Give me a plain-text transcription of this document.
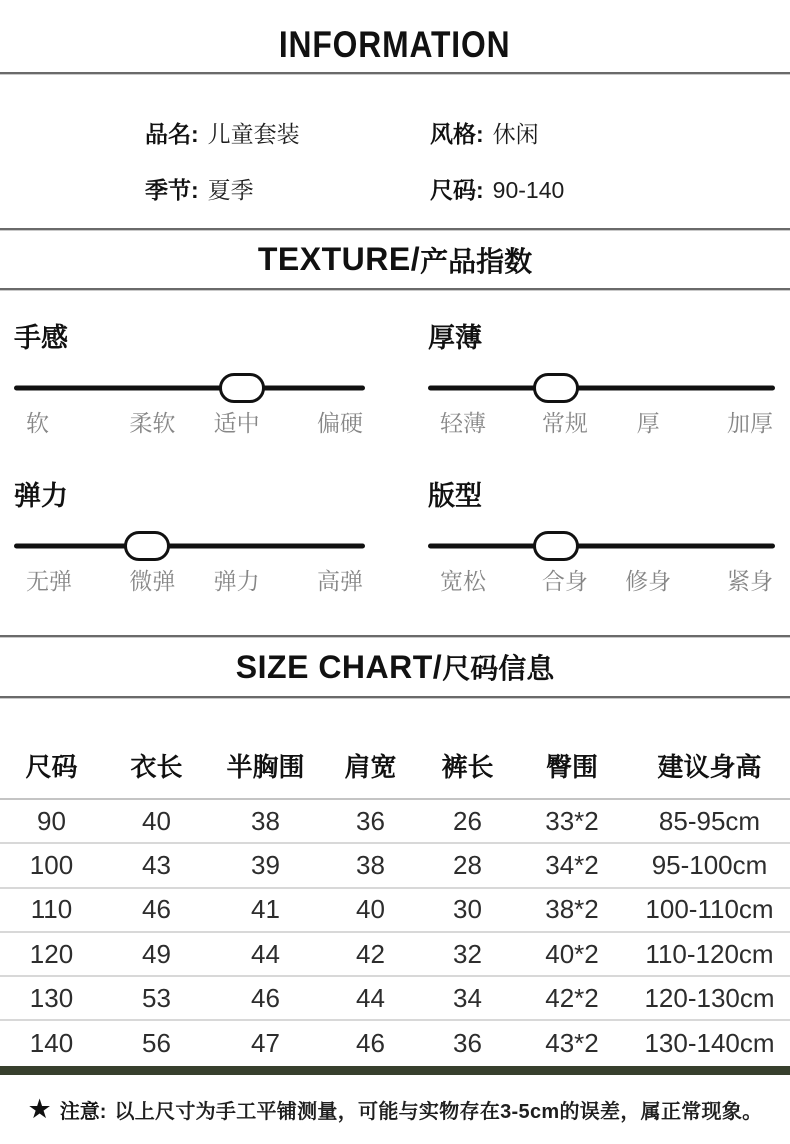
INFORMATION
品名: 儿童套装	风格: 休闲
季节: 夏季	尺码: 90-140
TEXTURE/ 产品指数
手感
软	柔软	适中	偏硬
厚薄
轻薄	常规	厚	加厚
弹力
无弹	微弹	弹力	高弹
版型
宽松	合身	修身	紧身
SIZE CHART/ 尺码信息
尺码	衣长	半胸围	肩宽	裤长	臀围	建议身高
90	40	38	36	26	33*2	85-95cm
100	43	39	38	28	34*2	95-100cm
110	46	41	40	30	38*2	100-110cm
120	49	44	42	32	40*2	110-120cm
130	53	46	44	34	42*2	120-130cm
140	56	47	46	36	43*2	130-140cm
★ 注意: 以上尺寸为手工平铺测量，可能与实物存在3-5cm的误差，属正常现象。
